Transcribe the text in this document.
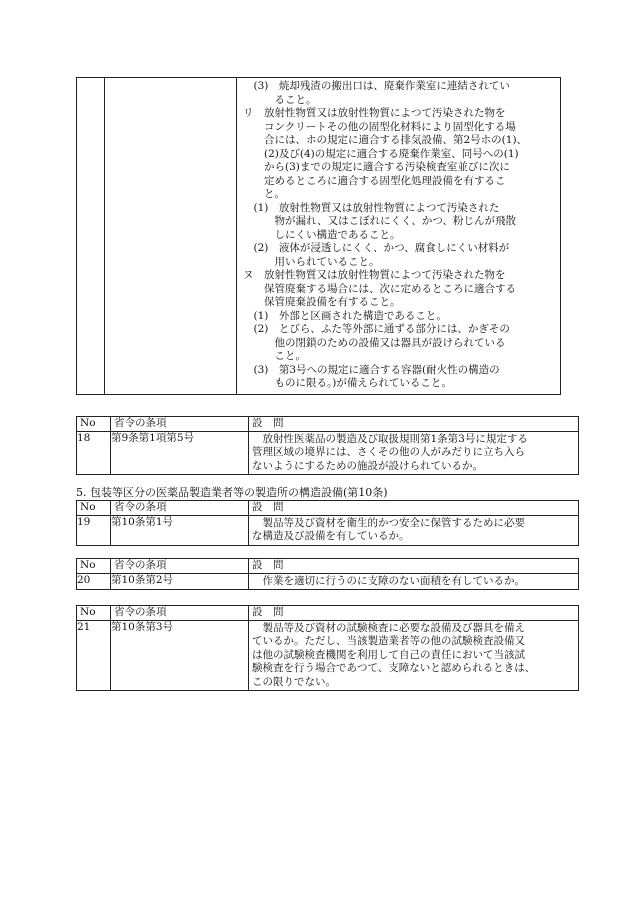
　(3)　焼却残渣の搬出口は、廃棄作業室に連結されてい
　　　ること。
リ　放射性物質又は放射性物質によつて汚染された物を
　　コンクリートその他の固型化材料により固型化する場
　　合には、ホの規定に適合する排気設備、第2号ホの(1)、
　　(2)及び(4)の規定に適合する廃棄作業室、同号への(1)
　　から(3)までの規定に適合する汚染検査室並びに次に
　　定めるところに適合する固型化処理設備を有するこ
　　と。
　(1)　放射性物質又は放射性物質によつて汚染された
　　　物が漏れ、又はこぼれにくく、かつ、粉じんが飛散
　　　しにくい構造であること。
　(2)　液体が浸透しにくく、かつ、腐食しにくい材料が
　　　用いられていること。
ヌ　放射性物質又は放射性物質によつて汚染された物を
　　保管廃棄する場合には、次に定めるところに適合する
　　保管廃棄設備を有すること。
　(1)　外部と区画された構造であること。
　(2)　とびら、ふた等外部に通ずる部分には、かぎその
　　　他の閉鎖のための設備又は器具が設けられている
　　　こと。
　(3)　第3号への規定に適合する容器(耐火性の構造の
　　　ものに限る。)が備えられていること。
No	省令の条項	設　問
18	第9条第1項第5号	放射性医薬品の製造及び取扱規則第1条第3号に規定する
管理区域の境界には、さくその他の人がみだりに立ち入ら
ないようにするための施設が設けられているか。
5. 包装等区分の医薬品製造業者等の製造所の構造設備(第10条)
No	省令の条項	設　問
19	第10条第1号	製品等及び資材を衛生的かつ安全に保管するために必要
な構造及び設備を有しているか。
No	省令の条項	設　問
20	第10条第2号	作業を適切に行うのに支障のない面積を有しているか。
No	省令の条項	設　問
21	第10条第3号	製品等及び資材の試験検査に必要な設備及び器具を備え
ているか。ただし、当該製造業者等の他の試験検査設備又
は他の試験検査機関を利用して自己の責任において当該試
験検査を行う場合であつて、支障ないと認められるときは、
この限りでない。
